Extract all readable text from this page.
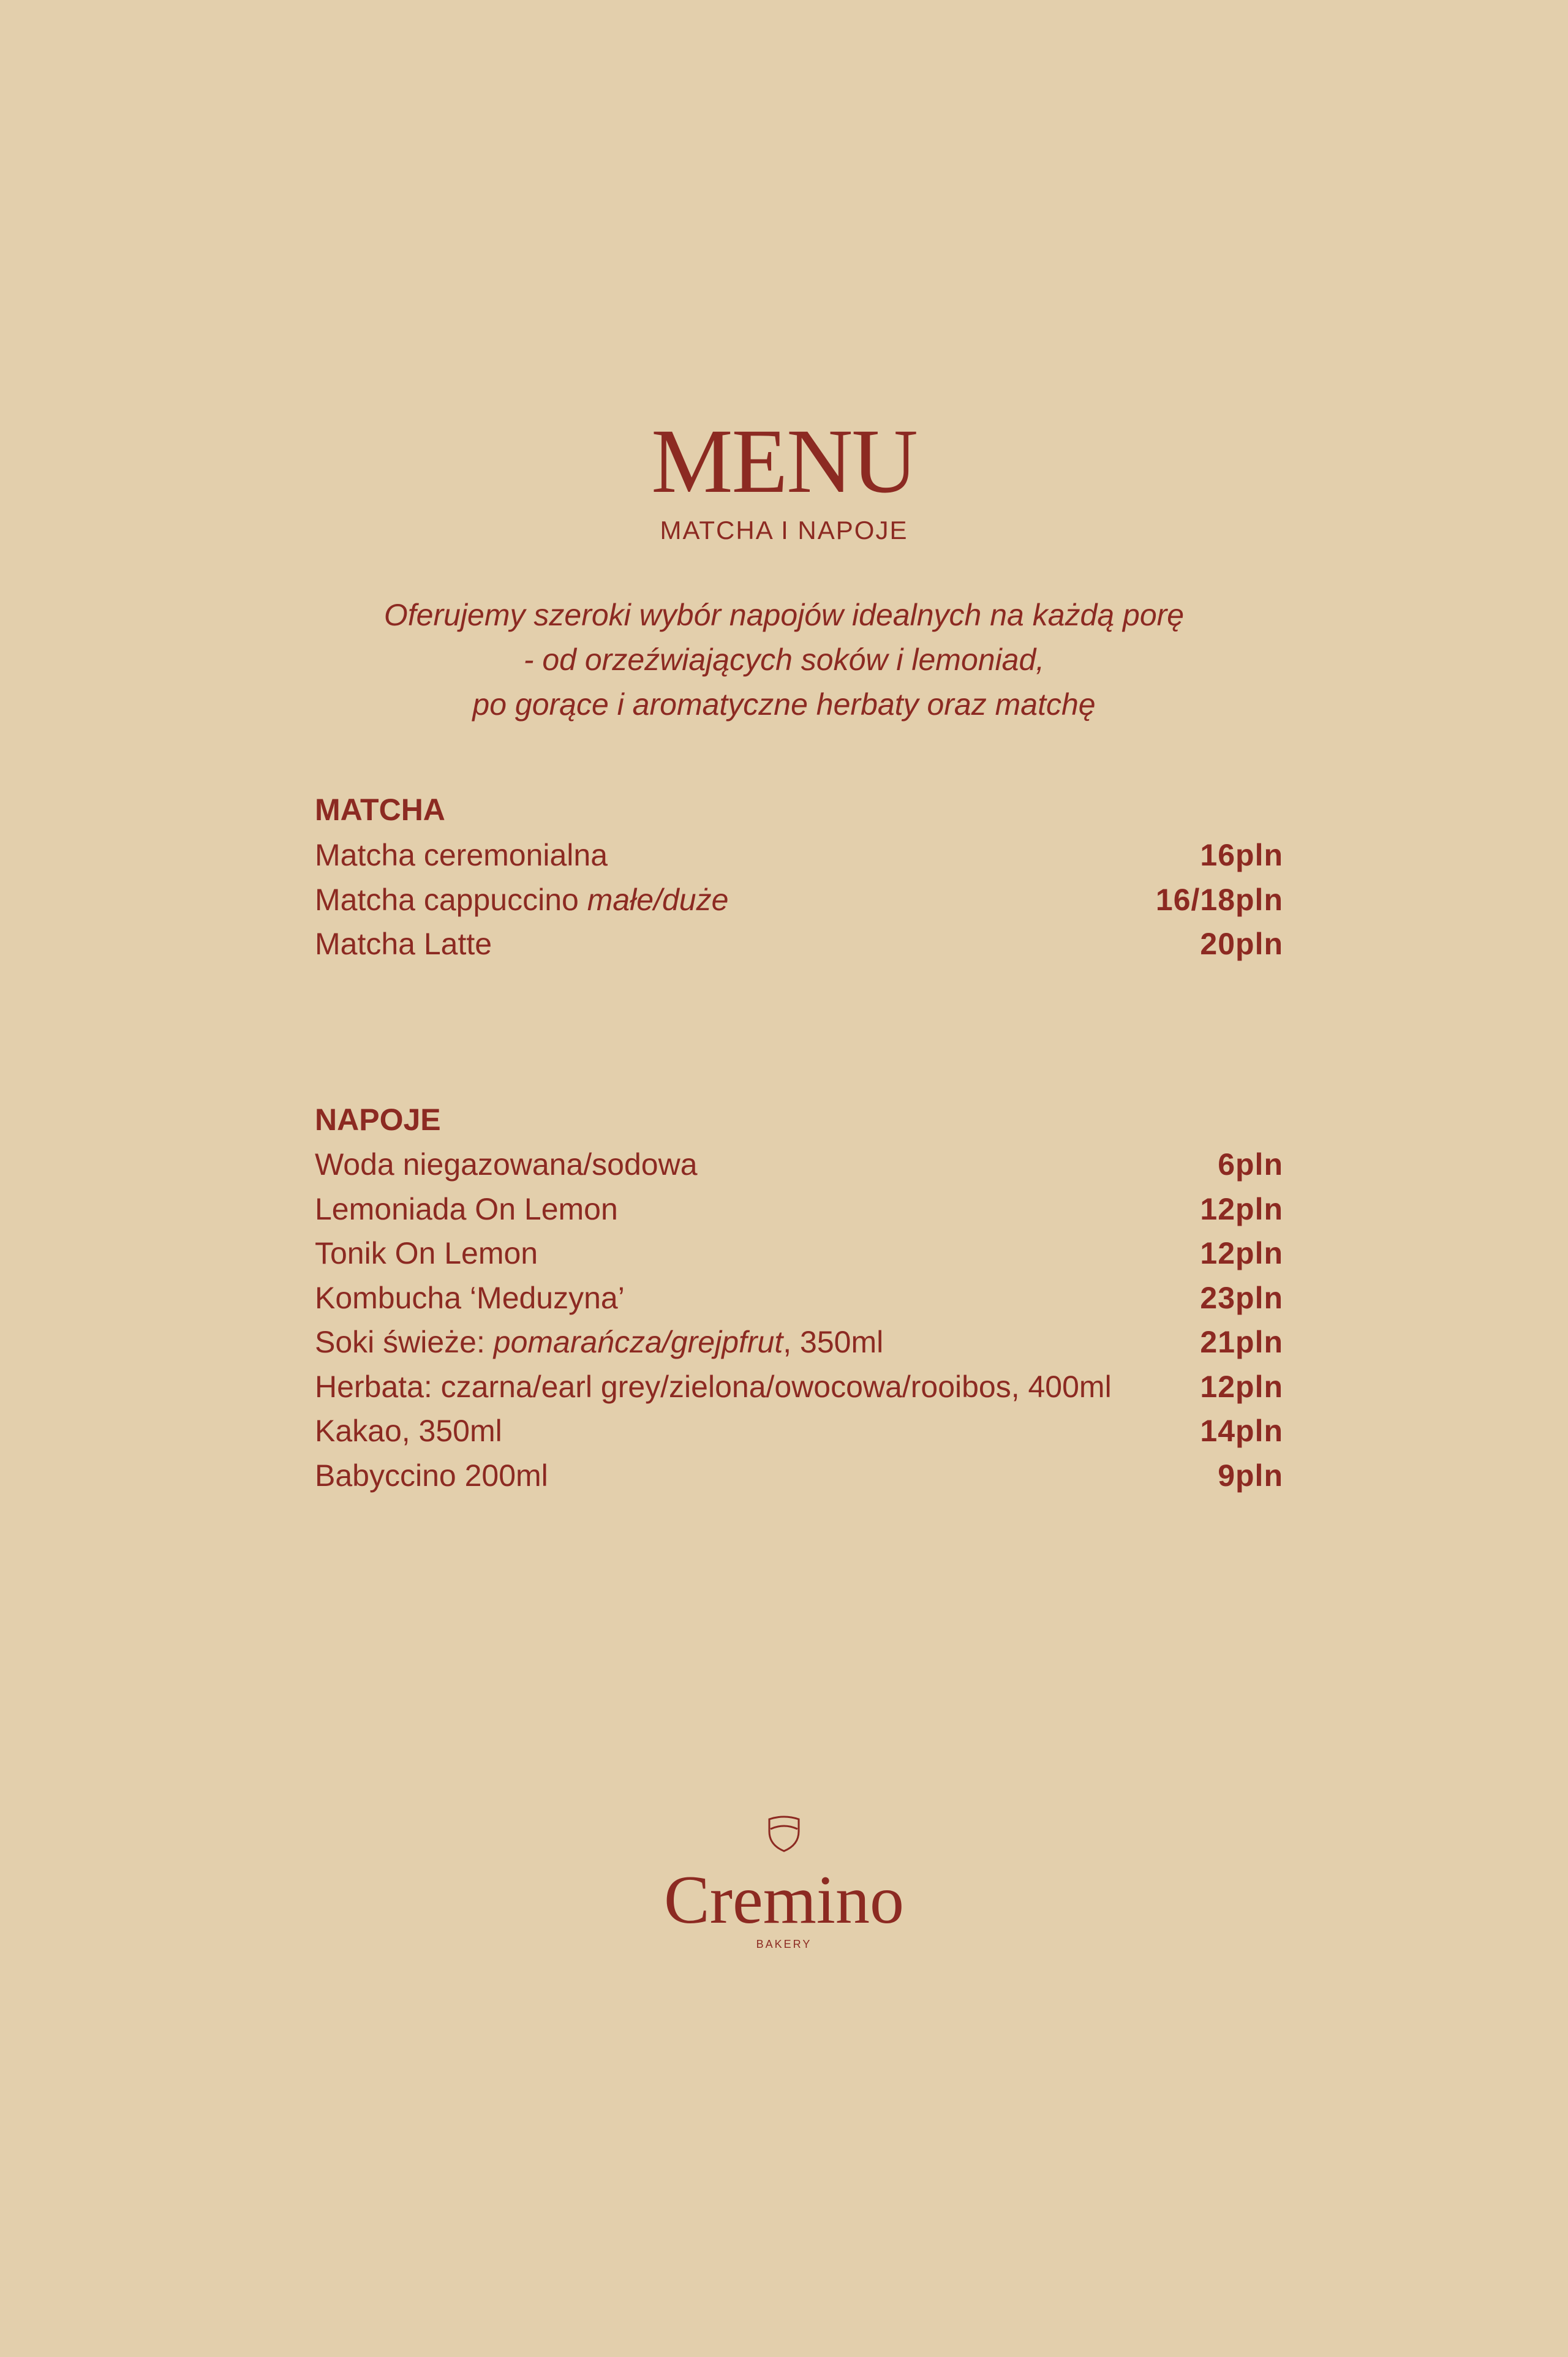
MENU
MATCHA I NAPOJE
Oferujemy szeroki wybór napojów idealnych na każdą porę
- od orzeźwiających soków i lemoniad,
po gorące i aromatyczne herbaty oraz matchę
MATCHA
Matcha ceremonialna	16pln
Matcha cappuccino małe/duże	16/18pln
Matcha Latte	20pln
NAPOJE
Woda niegazowana/sodowa	6pln
Lemoniada On Lemon	12pln
Tonik On Lemon	12pln
Kombucha ‘Meduzyna’	23pln
Soki świeże: pomarańcza/grejpfrut, 350ml	21pln
Herbata: czarna/earl grey/zielona/owocowa/rooibos, 400ml	12pln
Kakao, 350ml	14pln
Babyccino 200ml	9pln
Cremino
BAKERY
